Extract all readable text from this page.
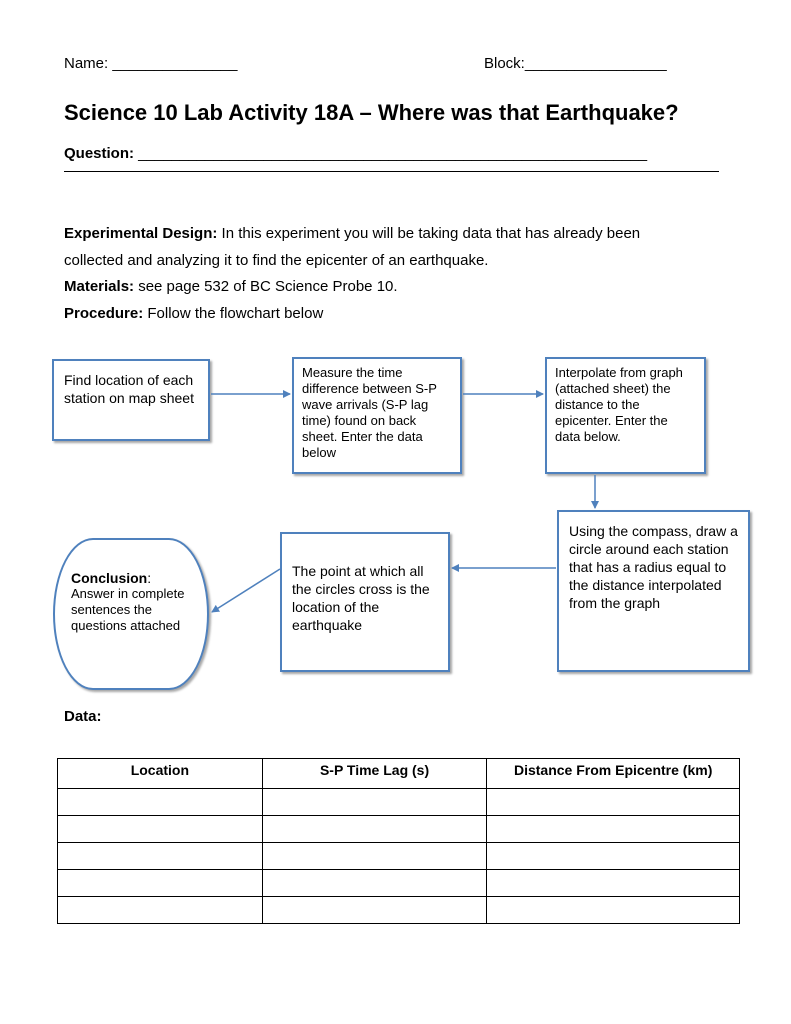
Name: _______________	Block:_________________
Science 10 Lab Activity 18A – Where was that Earthquake?
Question: _____________________________________________________________
Experimental Design: In this experiment you will be taking data that has already been
collected and analyzing it to find the epicenter of an earthquake.
Materials: see page 532 of BC Science Probe 10.
Procedure: Follow the flowchart below
Find location of each station on map sheet
Measure the time difference between S-P wave arrivals (S-P lag time) found on back sheet. Enter the data below
Interpolate from graph (attached sheet) the distance to the epicenter. Enter the data below.
Using the compass, draw a circle around each station that has a radius equal to the distance interpolated from the graph
The point at which all the circles cross is the location of the earthquake
Conclusion:
Answer in complete sentences the questions attached
Data:
Location	S-P Time Lag (s)	Distance From Epicentre (km)
